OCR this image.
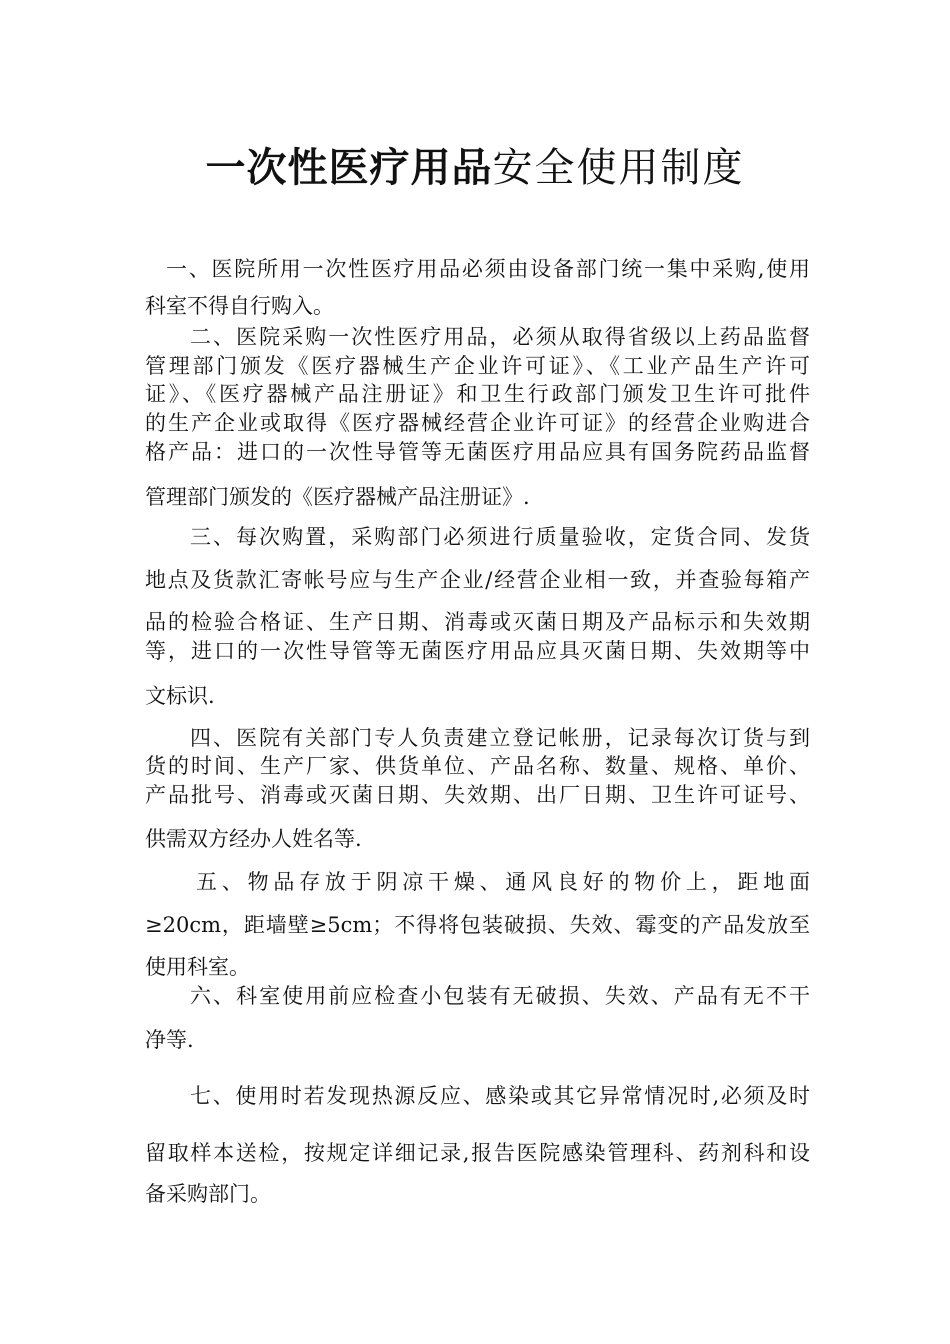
一次性医疗用品安全使用制度
一、医院所用一次性医疗用品必须由设备部门统一集中采购,使用
科室不得自行购入。
二、医院采购一次性医疗用品，必须从取得省级以上药品监督
管理部门颁发《医疗器械生产企业许可证》、《工业产品生产许可
证》、《医疗器械产品注册证》和卫生行政部门颁发卫生许可批件
的生产企业或取得《医疗器械经营企业许可证》的经营企业购进合
格产品：进口的一次性导管等无菌医疗用品应具有国务院药品监督
管理部门颁发的《医疗器械产品注册证》.
三、每次购置，采购部门必须进行质量验收，定货合同、发货
地点及货款汇寄帐号应与生产企业/经营企业相一致，并查验每箱产
品的检验合格证、生产日期、消毒或灭菌日期及产品标示和失效期
等，进口的一次性导管等无菌医疗用品应具灭菌日期、失效期等中
文标识.
四、医院有关部门专人负责建立登记帐册，记录每次订货与到
货的时间、生产厂家、供货单位、产品名称、数量、规格、单价、
产品批号、消毒或灭菌日期、失效期、出厂日期、卫生许可证号、
供需双方经办人姓名等.
五、物品存放于阴凉干燥、通风良好的物价上，距地面
≥20cm，距墙壁≥5cm；不得将包装破损、失效、霉变的产品发放至
使用科室。
六、科室使用前应检查小包装有无破损、失效、产品有无不干
净等.
七、使用时若发现热源反应、感染或其它异常情况时,必须及时
留取样本送检，按规定详细记录,报告医院感染管理科、药剂科和设
备采购部门。
